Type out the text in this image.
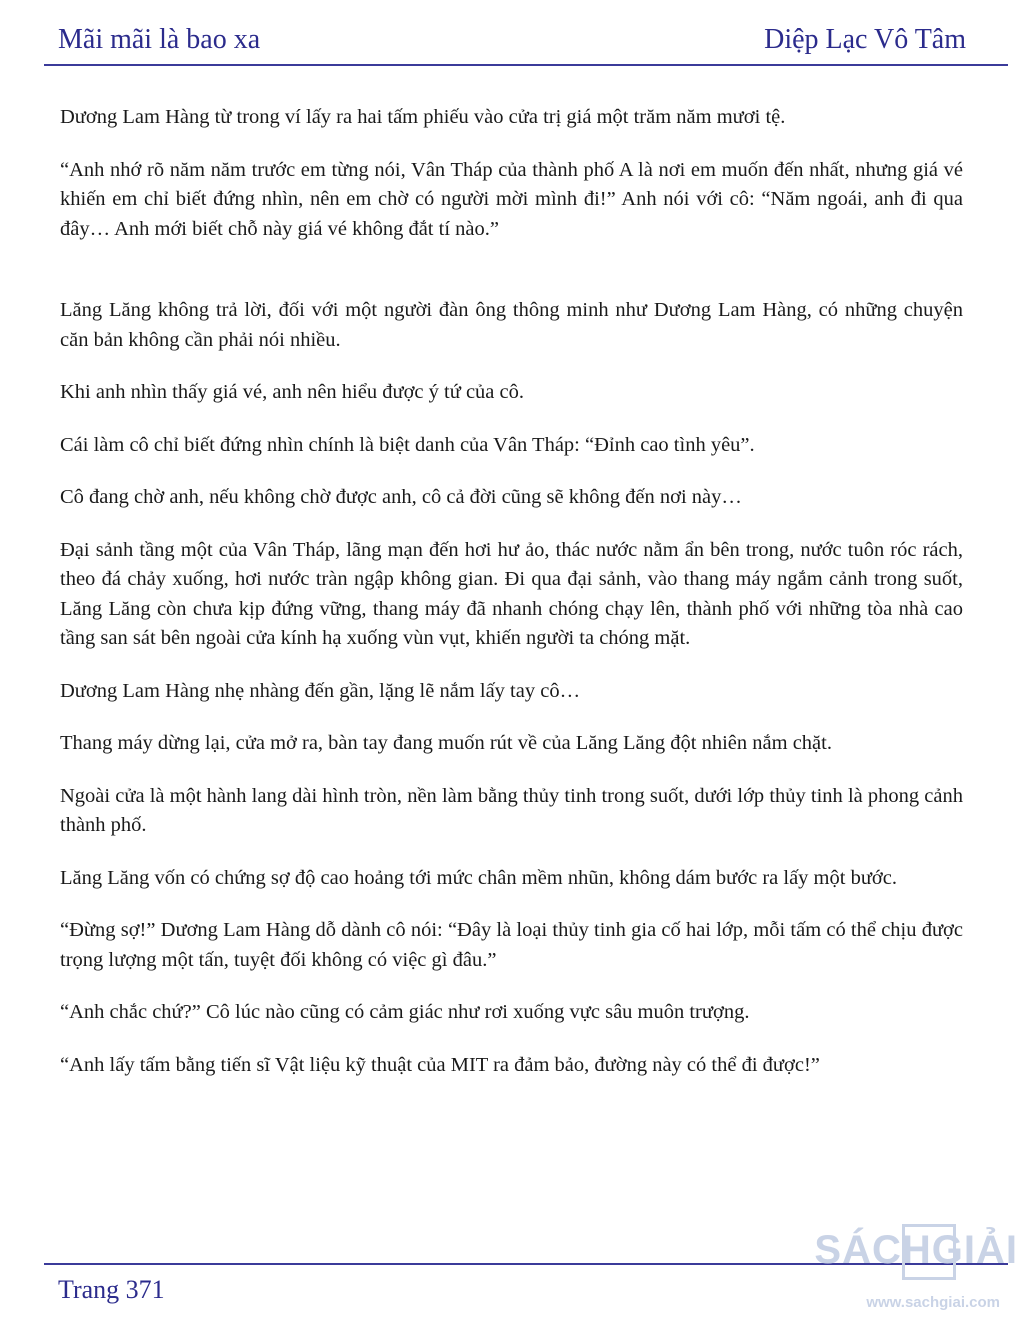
Mãi mãi là bao xa	Diệp Lạc Vô Tâm

Dương Lam Hàng từ trong ví lấy ra hai tấm phiếu vào cửa trị giá một trăm năm mươi tệ.

“Anh nhớ rõ năm năm trước em từng nói, Vân Tháp của thành phố A là nơi em muốn đến nhất, nhưng giá vé khiến em chỉ biết đứng nhìn, nên em chờ có người mời mình đi!” Anh nói với cô: “Năm ngoái, anh đi qua đây… Anh mới biết chỗ này giá vé không đắt tí nào.”

Lăng Lăng không trả lời, đối với một người đàn ông thông minh như Dương Lam Hàng, có những chuyện căn bản không cần phải nói nhiều.

Khi anh nhìn thấy giá vé, anh nên hiểu được ý tứ của cô.

Cái làm cô chỉ biết đứng nhìn chính là biệt danh của Vân Tháp: “Đỉnh cao tình yêu”.

Cô đang chờ anh, nếu không chờ được anh, cô cả đời cũng sẽ không đến nơi này…

Đại sảnh tầng một của Vân Tháp, lãng mạn đến hơi hư ảo, thác nước nằm ẩn bên trong, nước tuôn róc rách, theo đá chảy xuống, hơi nước tràn ngập không gian. Đi qua đại sảnh, vào thang máy ngắm cảnh trong suốt, Lăng Lăng còn chưa kịp đứng vững, thang máy đã nhanh chóng chạy lên, thành phố với những tòa nhà cao tầng san sát bên ngoài cửa kính hạ xuống vùn vụt, khiến người ta chóng mặt.

Dương Lam Hàng nhẹ nhàng đến gần, lặng lẽ nắm lấy tay cô…

Thang máy dừng lại, cửa mở ra, bàn tay đang muốn rút về của Lăng Lăng đột nhiên nắm chặt.

Ngoài cửa là một hành lang dài hình tròn, nền làm bằng thủy tinh trong suốt, dưới lớp thủy tinh là phong cảnh thành phố.

Lăng Lăng vốn có chứng sợ độ cao hoảng tới mức chân mềm nhũn, không dám bước ra lấy một bước.

“Đừng sợ!” Dương Lam Hàng dỗ dành cô nói: “Đây là loại thủy tinh gia cố hai lớp, mỗi tấm có thể chịu được trọng lượng một tấn, tuyệt đối không có việc gì đâu.”

“Anh chắc chứ?” Cô lúc nào cũng có cảm giác như rơi xuống vực sâu muôn trượng.

“Anh lấy tấm bằng tiến sĩ Vật liệu kỹ thuật của MIT ra đảm bảo, đường này có thể đi được!”

Trang 371
SÁCHGIẢI
www.sachgiai.com
